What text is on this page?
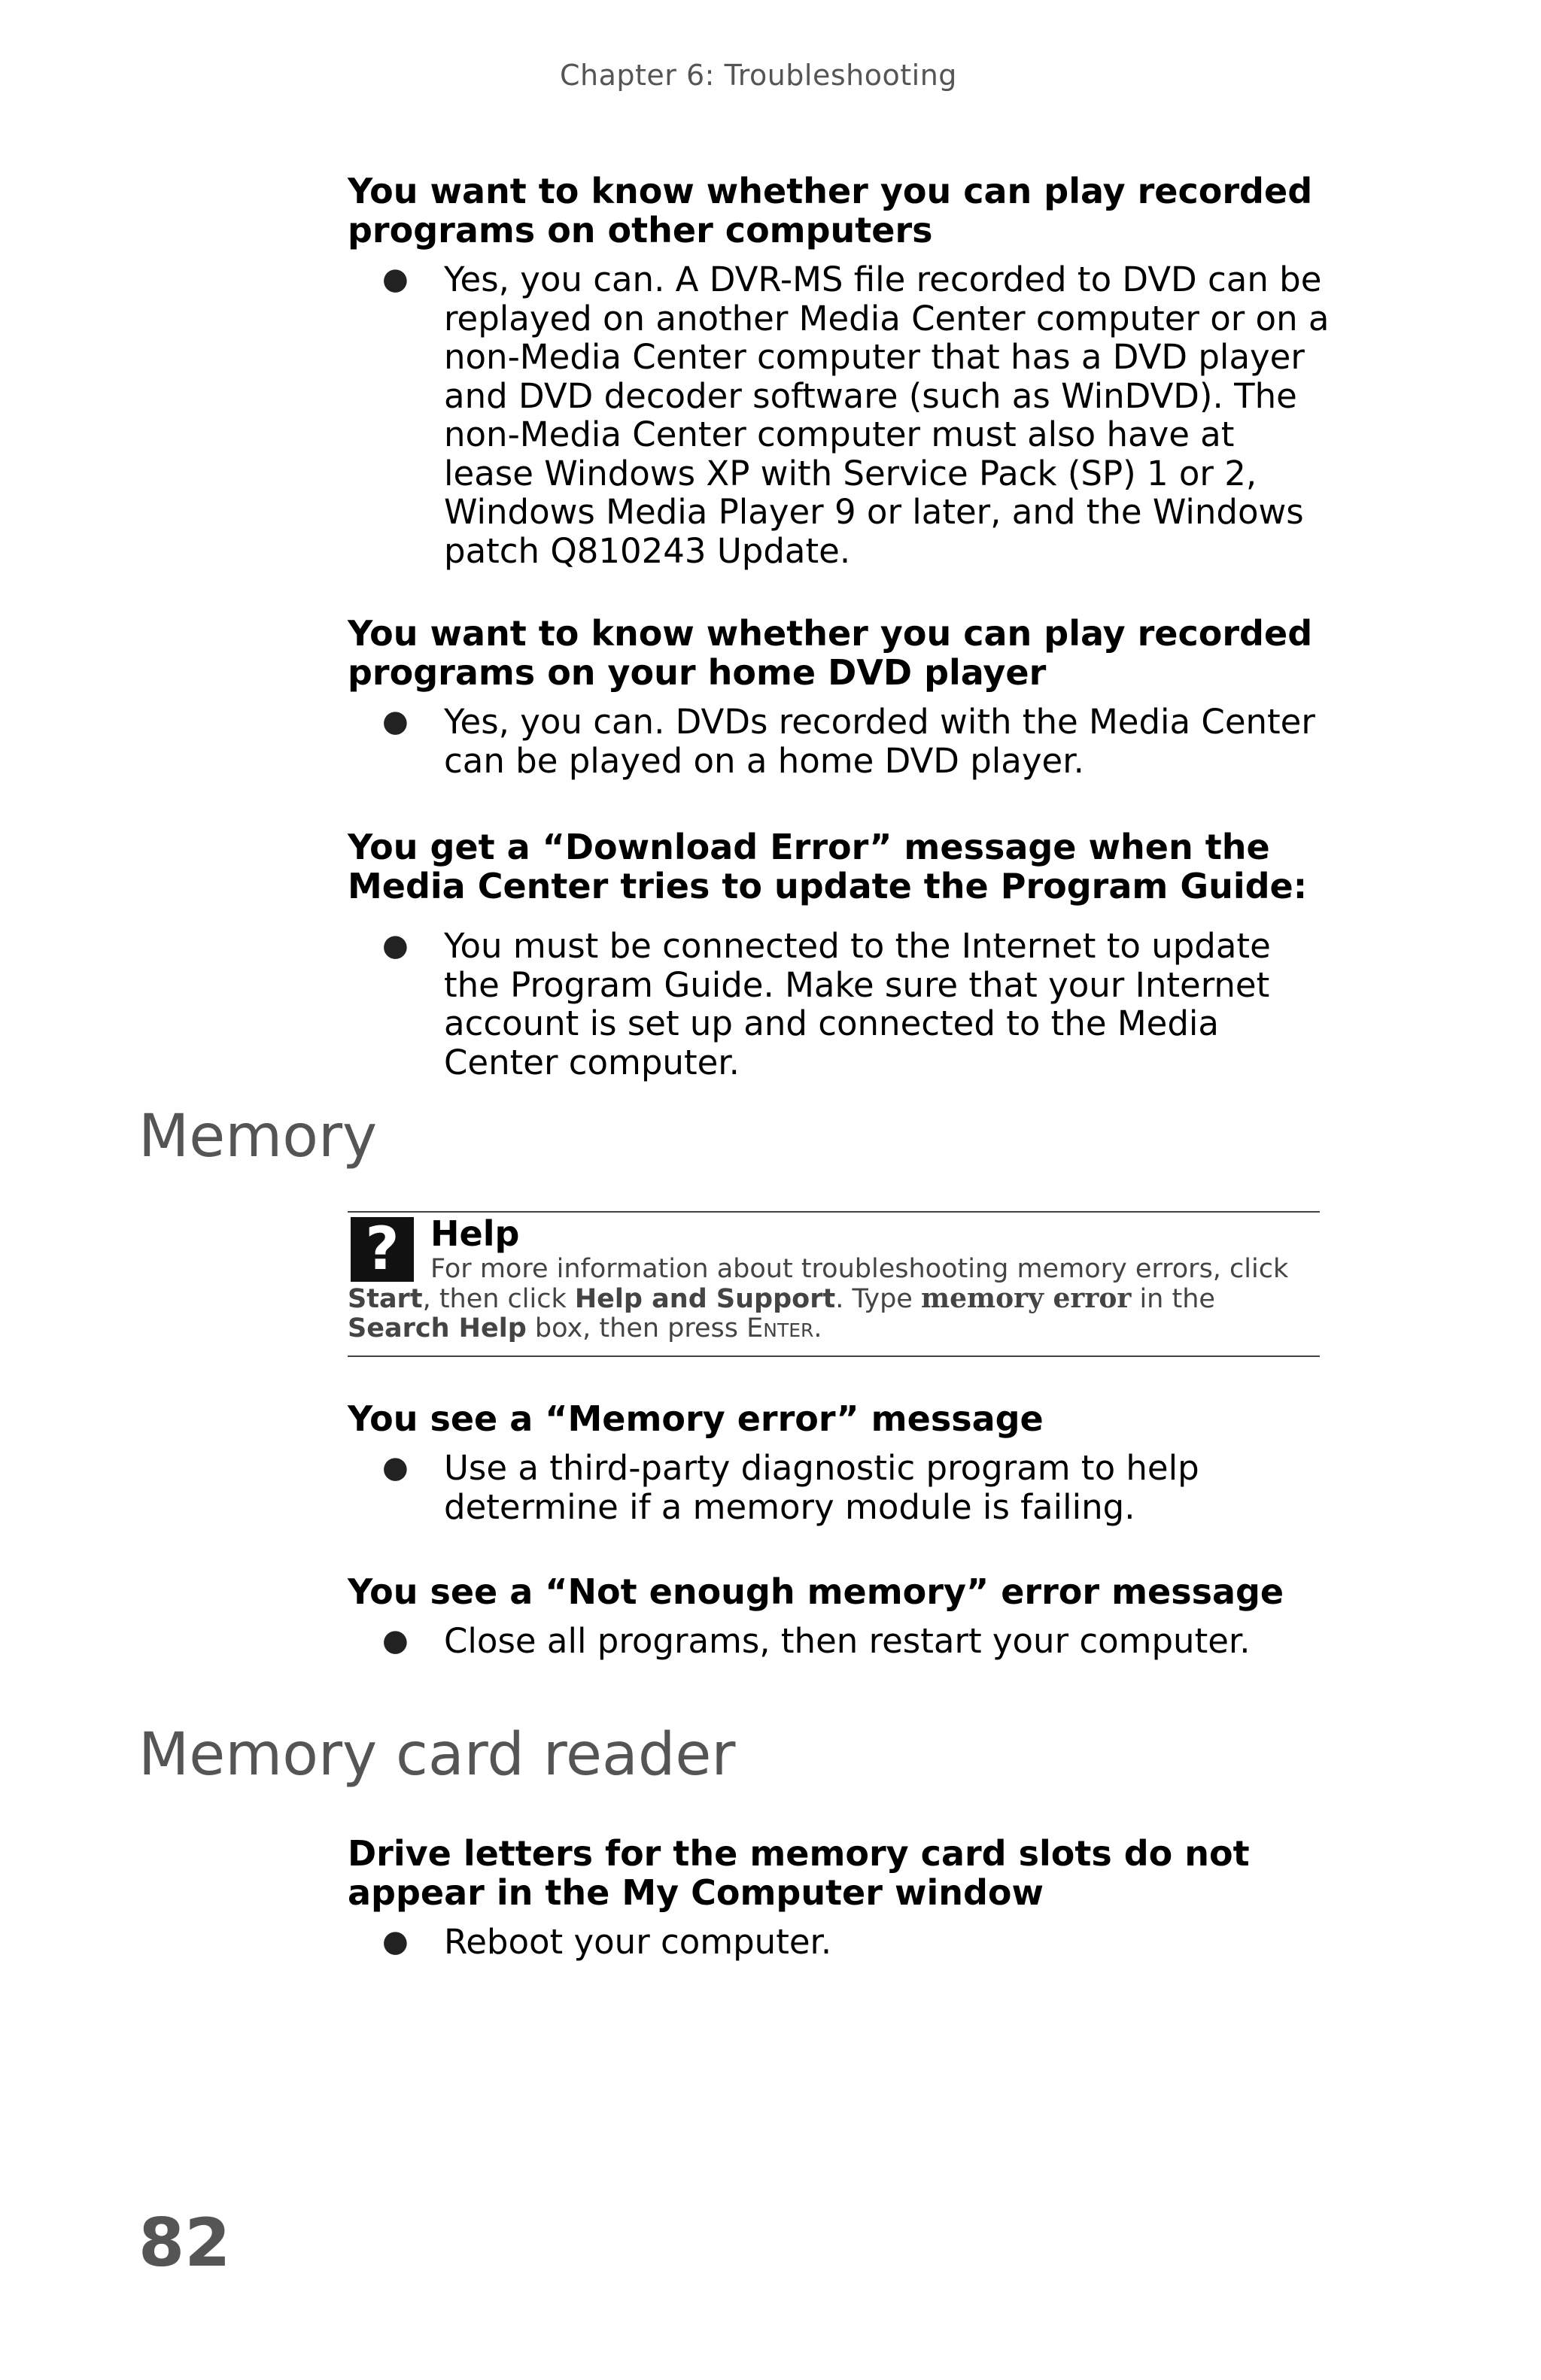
Chapter 6: Troubleshooting

You want to know whether you can play recorded programs on other computers

● Yes, you can. A DVR-MS file recorded to DVD can be replayed on another Media Center computer or on a non-Media Center computer that has a DVD player and DVD decoder software (such as WinDVD). The non-Media Center computer must also have at lease Windows XP with Service Pack (SP) 1 or 2, Windows Media Player 9 or later, and the Windows patch Q810243 Update.

You want to know whether you can play recorded programs on your home DVD player

● Yes, you can. DVDs recorded with the Media Center can be played on a home DVD player.

You get a “Download Error” message when the Media Center tries to update the Program Guide:

● You must be connected to the Internet to update the Program Guide. Make sure that your Internet account is set up and connected to the Media Center computer.

Memory
? Help
For more information about troubleshooting memory errors, click Start, then click Help and Support. Type memory error in the Search Help box, then press Enter.

You see a “Memory error” message

● Use a third-party diagnostic program to help determine if a memory module is failing.

You see a “Not enough memory” error message

● Close all programs, then restart your computer.

Memory card reader

Drive letters for the memory card slots do not appear in the My Computer window

● Reboot your computer.

82
